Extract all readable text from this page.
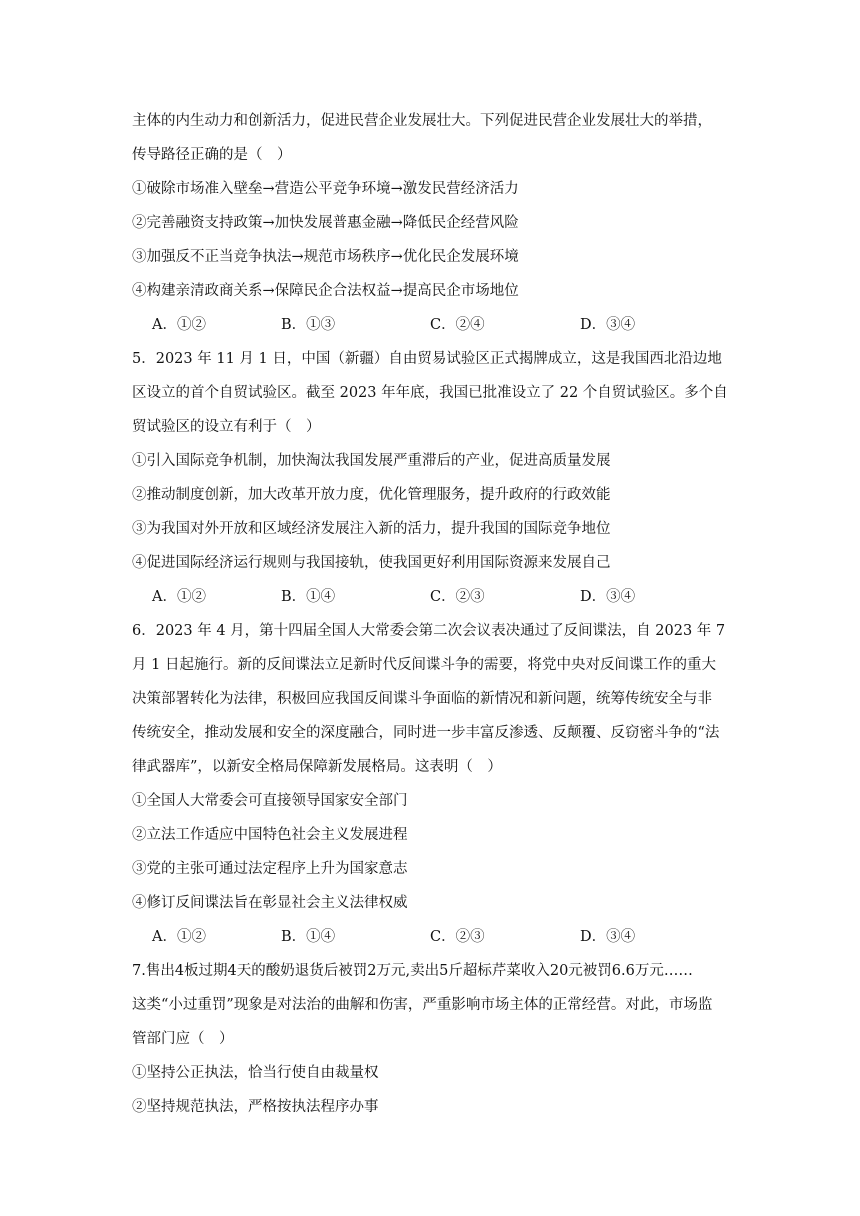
主体的内生动力和创新活力，促进民营企业发展壮大。下列促进民营企业发展壮大的举措，
传导路径正确的是（　）
①破除市场准入壁垒→营造公平竞争环境→激发民营经济活力
②完善融资支持政策→加快发展普惠金融→降低民企经营风险
③加强反不正当竞争执法→规范市场秩序→优化民企发展环境
④构建亲清政商关系→保障民企合法权益→提高民企市场地位
A．①②	B．①③	C．②④	D．③④
5．2023 年 11 月 1 日，中国（新疆）自由贸易试验区正式揭牌成立，这是我国西北沿边地
区设立的首个自贸试验区。截至 2023 年年底，我国已批准设立了 22 个自贸试验区。多个自
贸试验区的设立有利于（　）
①引入国际竞争机制，加快淘汰我国发展严重滞后的产业，促进高质量发展
②推动制度创新，加大改革开放力度，优化管理服务，提升政府的行政效能
③为我国对外开放和区域经济发展注入新的活力，提升我国的国际竞争地位
④促进国际经济运行规则与我国接轨，使我国更好利用国际资源来发展自己
A．①②	B．①④	C．②③	D．③④
6．2023 年 4 月，第十四届全国人大常委会第二次会议表决通过了反间谍法，自 2023 年 7
月 1 日起施行。新的反间谍法立足新时代反间谍斗争的需要，将党中央对反间谍工作的重大
决策部署转化为法律，积极回应我国反间谍斗争面临的新情况和新问题，统筹传统安全与非
传统安全，推动发展和安全的深度融合，同时进一步丰富反渗透、反颠覆、反窃密斗争的“法
律武器库”，以新安全格局保障新发展格局。这表明（　）
①全国人大常委会可直接领导国家安全部门
②立法工作适应中国特色社会主义发展进程
③党的主张可通过法定程序上升为国家意志
④修订反间谍法旨在彰显社会主义法律权威
A．①②	B．①④	C．②③	D．③④
7.售出4板过期4天的酸奶退货后被罚2万元,卖出5斤超标芹菜收入20元被罚6.6万元……
这类“小过重罚”现象是对法治的曲解和伤害，严重影响市场主体的正常经营。对此，市场监
管部门应（　）
①坚持公正执法，恰当行使自由裁量权
②坚持规范执法，严格按执法程序办事
